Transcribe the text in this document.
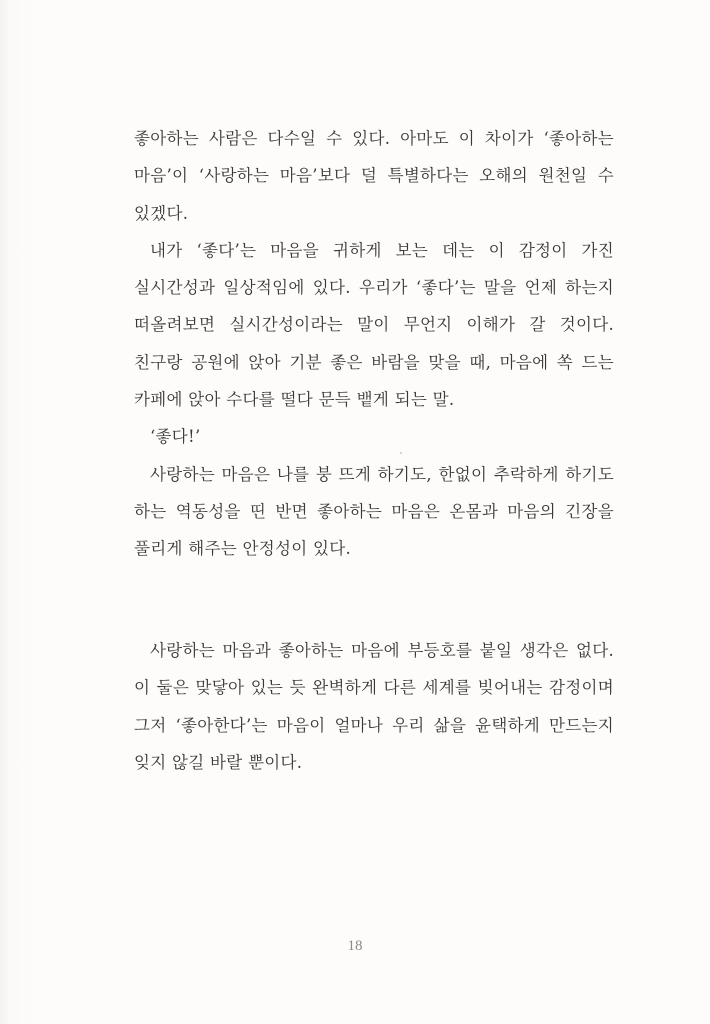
좋아하는 사람은 다수일 수 있다. 아마도 이 차이가 ‘좋아하는 마음’이 ‘사랑하는 마음’보다 덜 특별하다는 오해의 원천일 수 있겠다.

내가 ‘좋다’는 마음을 귀하게 보는 데는 이 감정이 가진 실시간성과 일상적임에 있다. 우리가 ‘좋다’는 말을 언제 하는지 떠올려보면 실시간성이라는 말이 무언지 이해가 갈 것이다. 친구랑 공원에 앉아 기분 좋은 바람을 맞을 때, 마음에 쏙 드는 카페에 앉아 수다를 떨다 문득 뱉게 되는 말.

‘좋다!’

사랑하는 마음은 나를 붕 뜨게 하기도, 한없이 추락하게 하기도 하는 역동성을 띤 반면 좋아하는 마음은 온몸과 마음의 긴장을 풀리게 해주는 안정성이 있다.

사랑하는 마음과 좋아하는 마음에 부등호를 붙일 생각은 없다. 이 둘은 맞닿아 있는 듯 완벽하게 다른 세계를 빚어내는 감정이며 그저 ‘좋아한다’는 마음이 얼마나 우리 삶을 윤택하게 만드는지 잊지 않길 바랄 뿐이다.

18
